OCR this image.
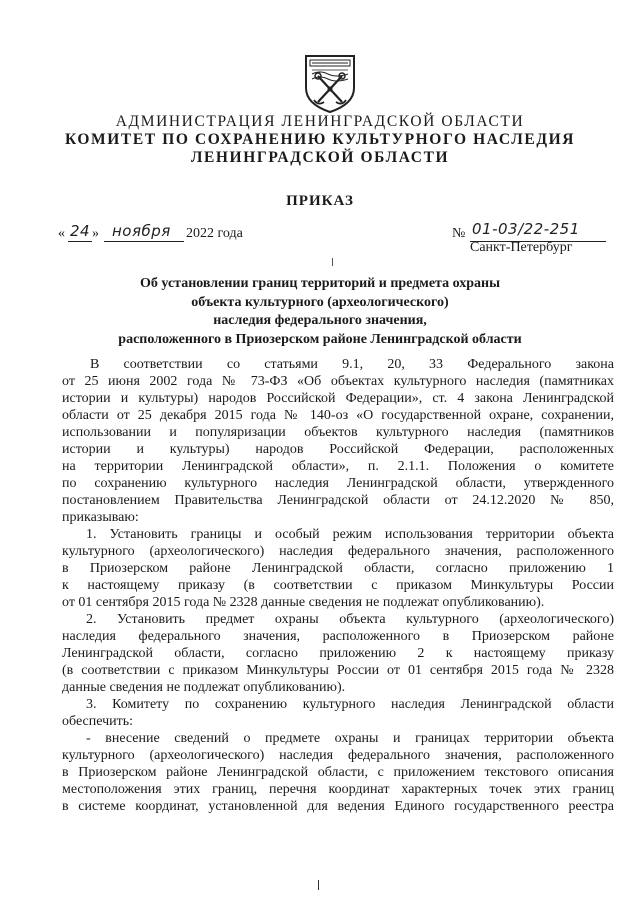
АДМИНИСТРАЦИЯ ЛЕНИНГРАДСКОЙ ОБЛАСТИ
КОМИТЕТ ПО СОХРАНЕНИЮ КУЛЬТУРНОГО НАСЛЕДИЯ
ЛЕНИНГРАДСКОЙ ОБЛАСТИ
ПРИКАЗ
« 24 » ноября 2022 года	№ 01-03/22-251
Санкт-Петербург
Об установлении границ территорий и предмета охраны
объекта культурного (археологического)
наследия федерального значения,
расположенного в Приозерском районе Ленинградской области
В соответствии со статьями 9.1, 20, 33 Федерального закона
от 25 июня 2002 года № 73-ФЗ «Об объектах культурного наследия (памятниках
истории и культуры) народов Российской Федерации», ст. 4 закона Ленинградской
области от 25 декабря 2015 года № 140-оз «О государственной охране, сохранении,
использовании и популяризации объектов культурного наследия (памятников
истории и культуры) народов Российской Федерации, расположенных
на территории Ленинградской области», п. 2.1.1. Положения о комитете
по сохранению культурного наследия Ленинградской области, утвержденного
постановлением Правительства Ленинградской области от 24.12.2020 № 850,
приказываю:
1. Установить границы и особый режим использования территории объекта
культурного (археологического) наследия федерального значения, расположенного
в Приозерском районе Ленинградской области, согласно приложению 1
к настоящему приказу (в соответствии с приказом Минкультуры России
от 01 сентября 2015 года № 2328 данные сведения не подлежат опубликованию).
2. Установить предмет охраны объекта культурного (археологического)
наследия федерального значения, расположенного в Приозерском районе
Ленинградской области, согласно приложению 2 к настоящему приказу
(в соответствии с приказом Минкультуры России от 01 сентября 2015 года № 2328
данные сведения не подлежат опубликованию).
3. Комитету по сохранению культурного наследия Ленинградской области
обеспечить:
- внесение сведений о предмете охраны и границах территории объекта
культурного (археологического) наследия федерального значения, расположенного
в Приозерском районе Ленинградской области, с приложением текстового описания
местоположения этих границ, перечня координат характерных точек этих границ
в системе координат, установленной для ведения Единого государственного реестра
